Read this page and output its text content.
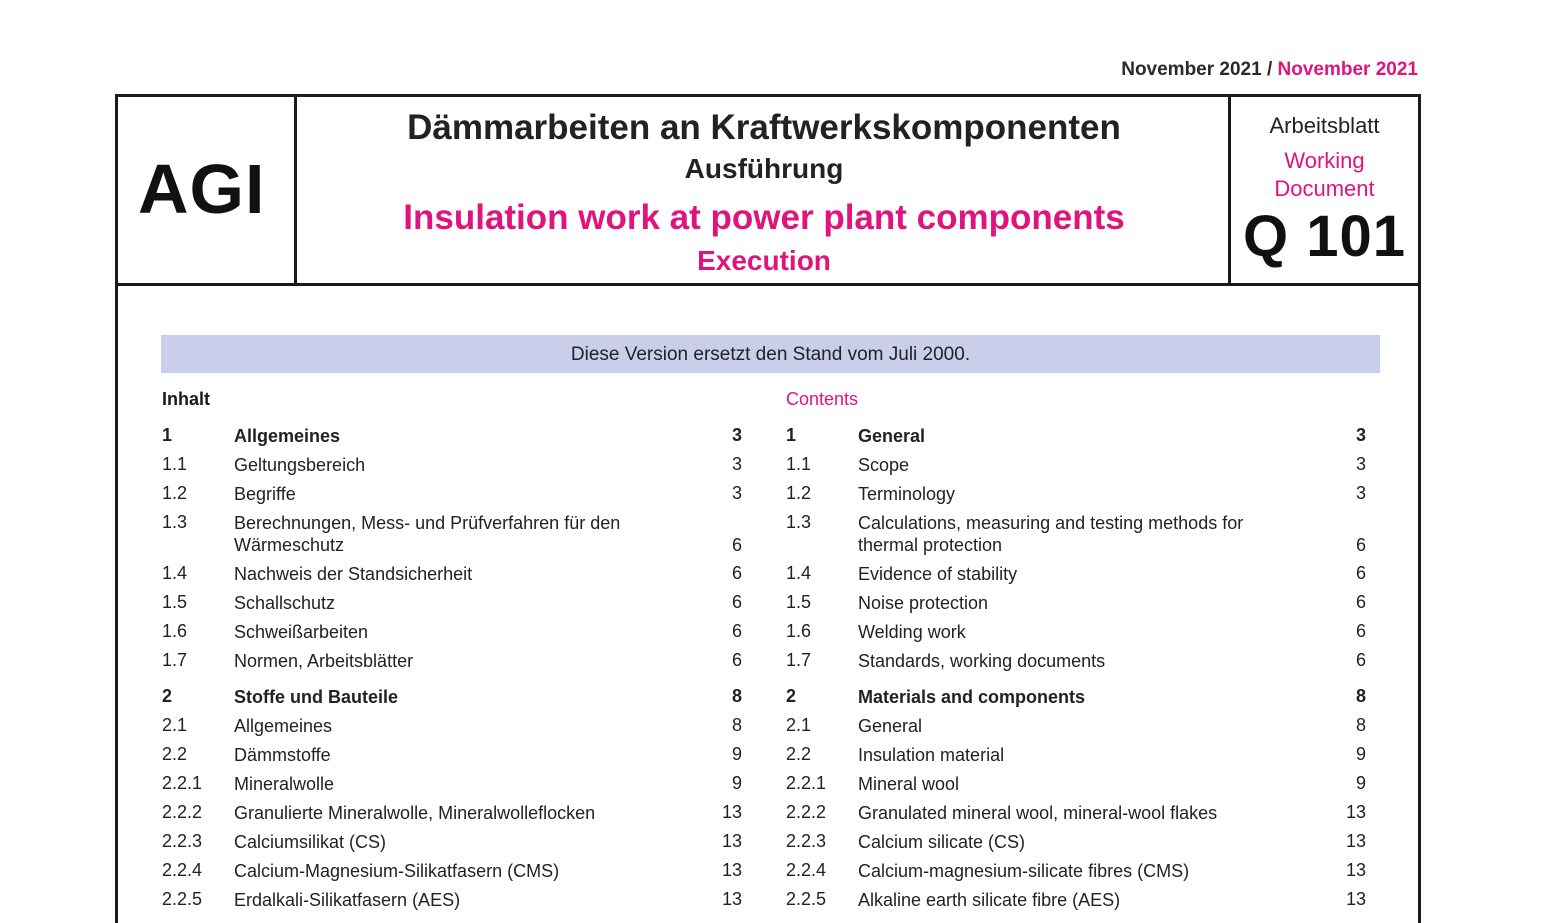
November 2021 / November 2021
AGI
Dämmarbeiten an Kraftwerkskomponenten
Ausführung
Insulation work at power plant components
Execution
Arbeitsblatt
Working
Document
Q 101
Diese Version ersetzt den Stand vom Juli 2000.
Inhalt	Contents
1	Allgemeines	3
1.1	Geltungsbereich	3
1.2	Begriffe	3
1.3	Berechnungen, Mess- und Prüfverfahren für den Wärmeschutz	6
1.4	Nachweis der Standsicherheit	6
1.5	Schallschutz	6
1.6	Schweißarbeiten	6
1.7	Normen, Arbeitsblätter	6
2	Stoffe und Bauteile	8
2.1	Allgemeines	8
2.2	Dämmstoffe	9
2.2.1 Mineralwolle	9
2.2.2 Granulierte Mineralwolle, Mineralwolleflocken	13
2.2.3 Calciumsilikat (CS)	13
2.2.4 Calcium-Magnesium-Silikatfasern (CMS)	13
2.2.5 Erdalkali-Silikatfasern (AES)	13
1	General	3
1.1	Scope	3
1.2	Terminology	3
1.3	Calculations, measuring and testing methods for thermal protection	6
1.4	Evidence of stability	6
1.5	Noise protection	6
1.6	Welding work	6
1.7	Standards, working documents	6
2	Materials and components	8
2.1	General	8
2.2	Insulation material	9
2.2.1 Mineral wool	9
2.2.2 Granulated mineral wool, mineral-wool flakes	13
2.2.3 Calcium silicate (CS)	13
2.2.4 Calcium-magnesium-silicate fibres (CMS)	13
2.2.5 Alkaline earth silicate fibre (AES)	13
